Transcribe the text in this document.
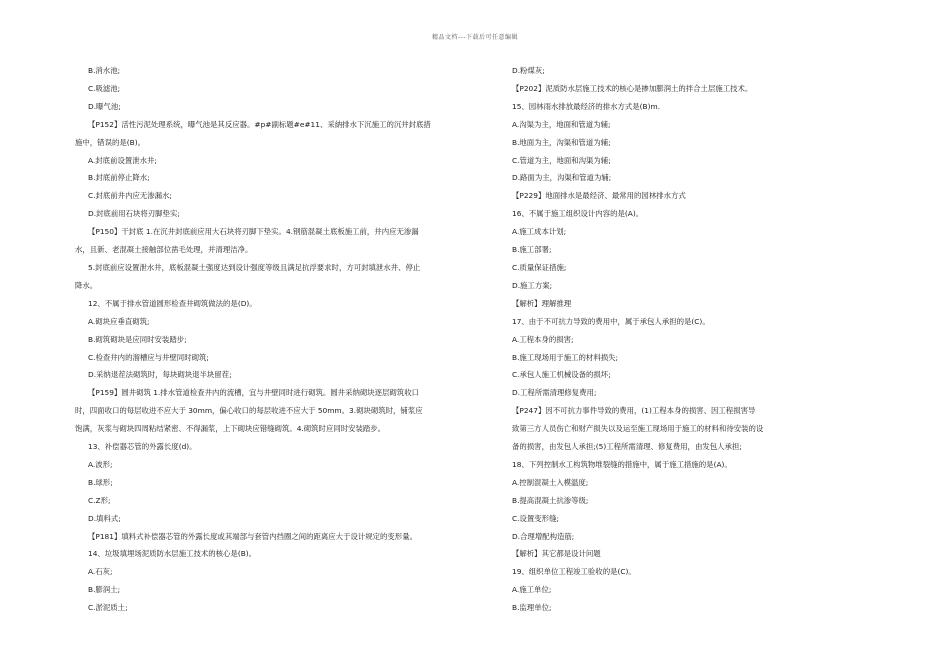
精品文档---下载后可任意编辑
B.消水池;
C.吸滤池;
D.曝气池;
【P152】活性污泥处理系统，曝气池是其反应器。#p#副标题#e#11、采納排水下沉施工的沉井封底措
施中，错误的是(B)。
A.封底前设置泄水井;
B.封底前停止降水;
C.封底前井内应无渗漏水;
D.封底前用石块将刃脚垫实;
【P150】干封底 1.在沉井封底前应用大石块将刃脚下垫实。4.钢筋混凝土底板施工前，井内应无渗漏
水，且新、老混凝土接触部位凿毛处理，并清理洁净。
5.封底前应设置泄水井，底板混凝土强度达到设计强度等级且满足抗浮要求时，方可封填泄水井、停止
降水。
12、不属于排水管道圆形检查井砌筑做法的是(D)。
A.砌块应垂直砌筑;
B.砌筑砌块是应同时安装踏步;
C.检查井内的溜槽应与井壁同时砌筑;
D.采纳退茬法砌筑时，每块砌块退半块留茬;
【P159】圆井砌筑 1.排水管道检查井内的流槽，宜与井壁同时进行砌筑。圆井采纳砌块逐层砌筑收口
时，四面收口的每层收进不应大于 30mm，偏心收口的每层收进不应大于 50mm。3.砌块砌筑时，铺浆应
饱满，灰浆与砌块四周粘结紧密、不得漏浆，上下砌块应错缝砌筑。4.砌筑时应同时安装踏步。
13、补偿器芯管的外露长度(d)。
A.波形;
B.球形;
C.Z形;
D.填料式;
【P181】填料式补偿器芯管的外露长度或其端部与套管内挡圈之间的距离应大于设计规定的变形量。
14、垃圾填埋场泥质防水层施工技术的核心是(B)。
A.石灰;
B.膨润土;
C.淤泥质土;
D.粉煤灰;
【P202】泥质防水层施工技术的核心是掺加膨润土的拌合土层施工技术。
15、园林雨水排放最经济的排水方式是(B)m.
A.沟渠为主，地面和管道为辅;
B.地面为主，沟渠和管道为辅;
C.管道为主，地面和沟渠为辅;
D.路面为主，沟渠和管道为辅;
【P229】地面排水是最经济、最常用的园林排水方式
16、不属于施工组织设计内容的是(A)。
A.施工成本计划;
B.施工部署;
C.质量保证措施;
D.施工方案;
【解析】理解推理
17、由于不可抗力导致的费用中，属于承包人承担的是(C)。
A.工程本身的损害;
B.施工现场用于施工的材料损失;
C.承包人施工机械设备的损坏;
D.工程所需清理修复费用;
【P247】因不可抗力事件导致的费用，(1)工程本身的损害、因工程损害导
致第三方人员伤亡和财产损失以及运至施工现场用于施工的材料和待安装的设
备的损害，由发包人承担;(5)工程所需清理、修复费用，由发包人承担;
18、下列控制水工构筑物堆裂缝的措施中，属于施工措施的是(A)。
A.控制混凝土入模温度;
B.提高混凝土抗渗等级;
C.设置变形缝;
D.合理增配构造筋;
【解析】其它都是设计问题
19、组织单位工程竣工验收的是(C)。
A.施工单位;
B.监理单位;
